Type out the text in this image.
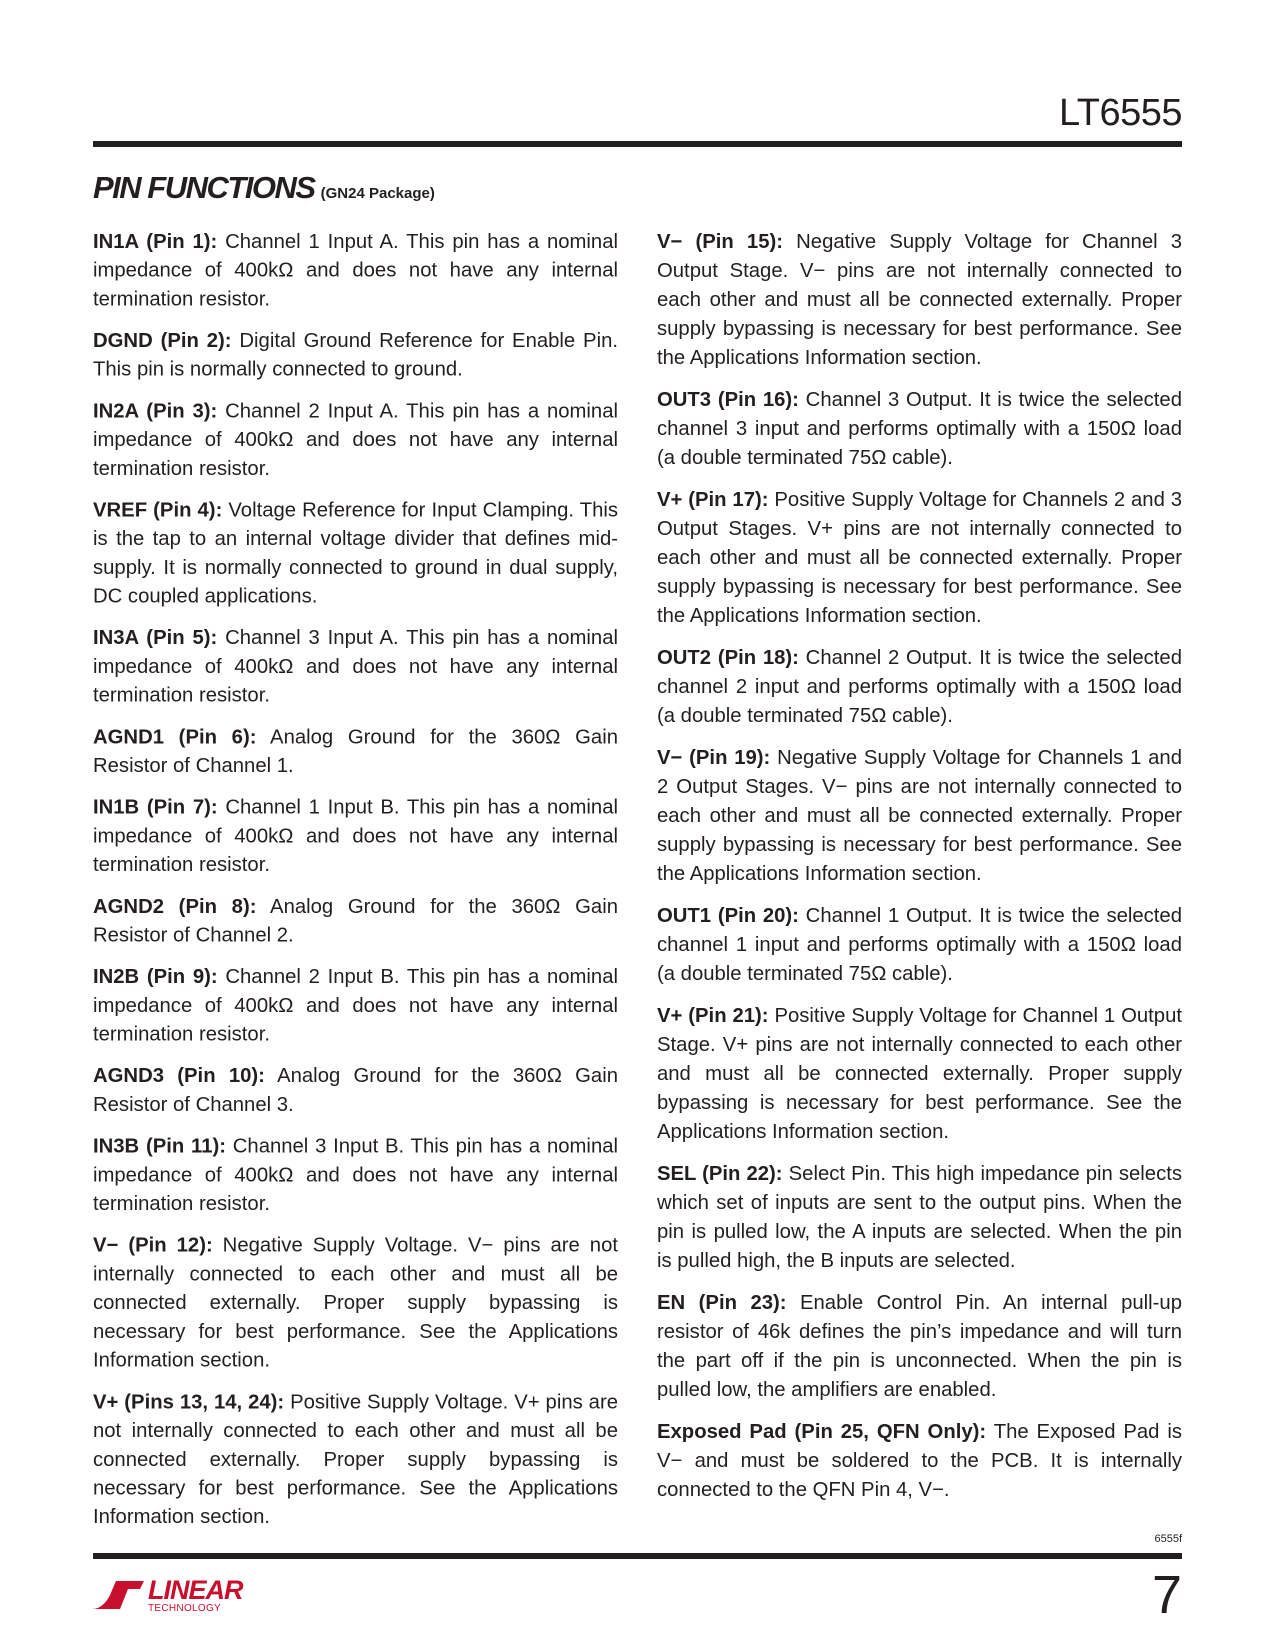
LT6555
PIN FUNCTIONS (GN24 Package)

IN1A (Pin 1): Channel 1 Input A. This pin has a nominal impedance of 400kΩ and does not have any internal termination resistor.

DGND (Pin 2): Digital Ground Reference for Enable Pin. This pin is normally connected to ground.

IN2A (Pin 3): Channel 2 Input A. This pin has a nominal impedance of 400kΩ and does not have any internal termination resistor.

VREF (Pin 4): Voltage Reference for Input Clamping. This is the tap to an internal voltage divider that defines mid-supply. It is normally connected to ground in dual supply, DC coupled applications.

IN3A (Pin 5): Channel 3 Input A. This pin has a nominal impedance of 400kΩ and does not have any internal termination resistor.

AGND1 (Pin 6): Analog Ground for the 360Ω Gain Resistor of Channel 1.

IN1B (Pin 7): Channel 1 Input B. This pin has a nominal impedance of 400kΩ and does not have any internal termination resistor.

AGND2 (Pin 8): Analog Ground for the 360Ω Gain Resistor of Channel 2.

IN2B (Pin 9): Channel 2 Input B. This pin has a nominal impedance of 400kΩ and does not have any internal termination resistor.

AGND3 (Pin 10): Analog Ground for the 360Ω Gain Resistor of Channel 3.

IN3B (Pin 11): Channel 3 Input B. This pin has a nominal impedance of 400kΩ and does not have any internal termination resistor.

V− (Pin 12): Negative Supply Voltage. V− pins are not internally connected to each other and must all be connected externally. Proper supply bypassing is necessary for best performance. See the Applications Information section.

V+ (Pins 13, 14, 24): Positive Supply Voltage. V+ pins are not internally connected to each other and must all be connected externally. Proper supply bypassing is necessary for best performance. See the Applications Information section.

V− (Pin 15): Negative Supply Voltage for Channel 3 Output Stage. V− pins are not internally connected to each other and must all be connected externally. Proper supply bypassing is necessary for best performance. See the Applications Information section.

OUT3 (Pin 16): Channel 3 Output. It is twice the selected channel 3 input and performs optimally with a 150Ω load (a double terminated 75Ω cable).

V+ (Pin 17): Positive Supply Voltage for Channels 2 and 3 Output Stages. V+ pins are not internally connected to each other and must all be connected externally. Proper supply bypassing is necessary for best performance. See the Applications Information section.

OUT2 (Pin 18): Channel 2 Output. It is twice the selected channel 2 input and performs optimally with a 150Ω load (a double terminated 75Ω cable).

V− (Pin 19): Negative Supply Voltage for Channels 1 and 2 Output Stages. V− pins are not internally connected to each other and must all be connected externally. Proper supply bypassing is necessary for best performance. See the Applications Information section.

OUT1 (Pin 20): Channel 1 Output. It is twice the selected channel 1 input and performs optimally with a 150Ω load (a double terminated 75Ω cable).

V+ (Pin 21): Positive Supply Voltage for Channel 1 Output Stage. V+ pins are not internally connected to each other and must all be connected externally. Proper supply bypassing is necessary for best performance. See the Applications Information section.

SEL (Pin 22): Select Pin. This high impedance pin selects which set of inputs are sent to the output pins. When the pin is pulled low, the A inputs are selected. When the pin is pulled high, the B inputs are selected.

EN (Pin 23): Enable Control Pin. An internal pull-up resistor of 46k defines the pin’s impedance and will turn the part off if the pin is unconnected. When the pin is pulled low, the amplifiers are enabled.

Exposed Pad (Pin 25, QFN Only): The Exposed Pad is V− and must be soldered to the PCB. It is internally connected to the QFN Pin 4, V−.

6555f
LINEAR
TECHNOLOGY	7
